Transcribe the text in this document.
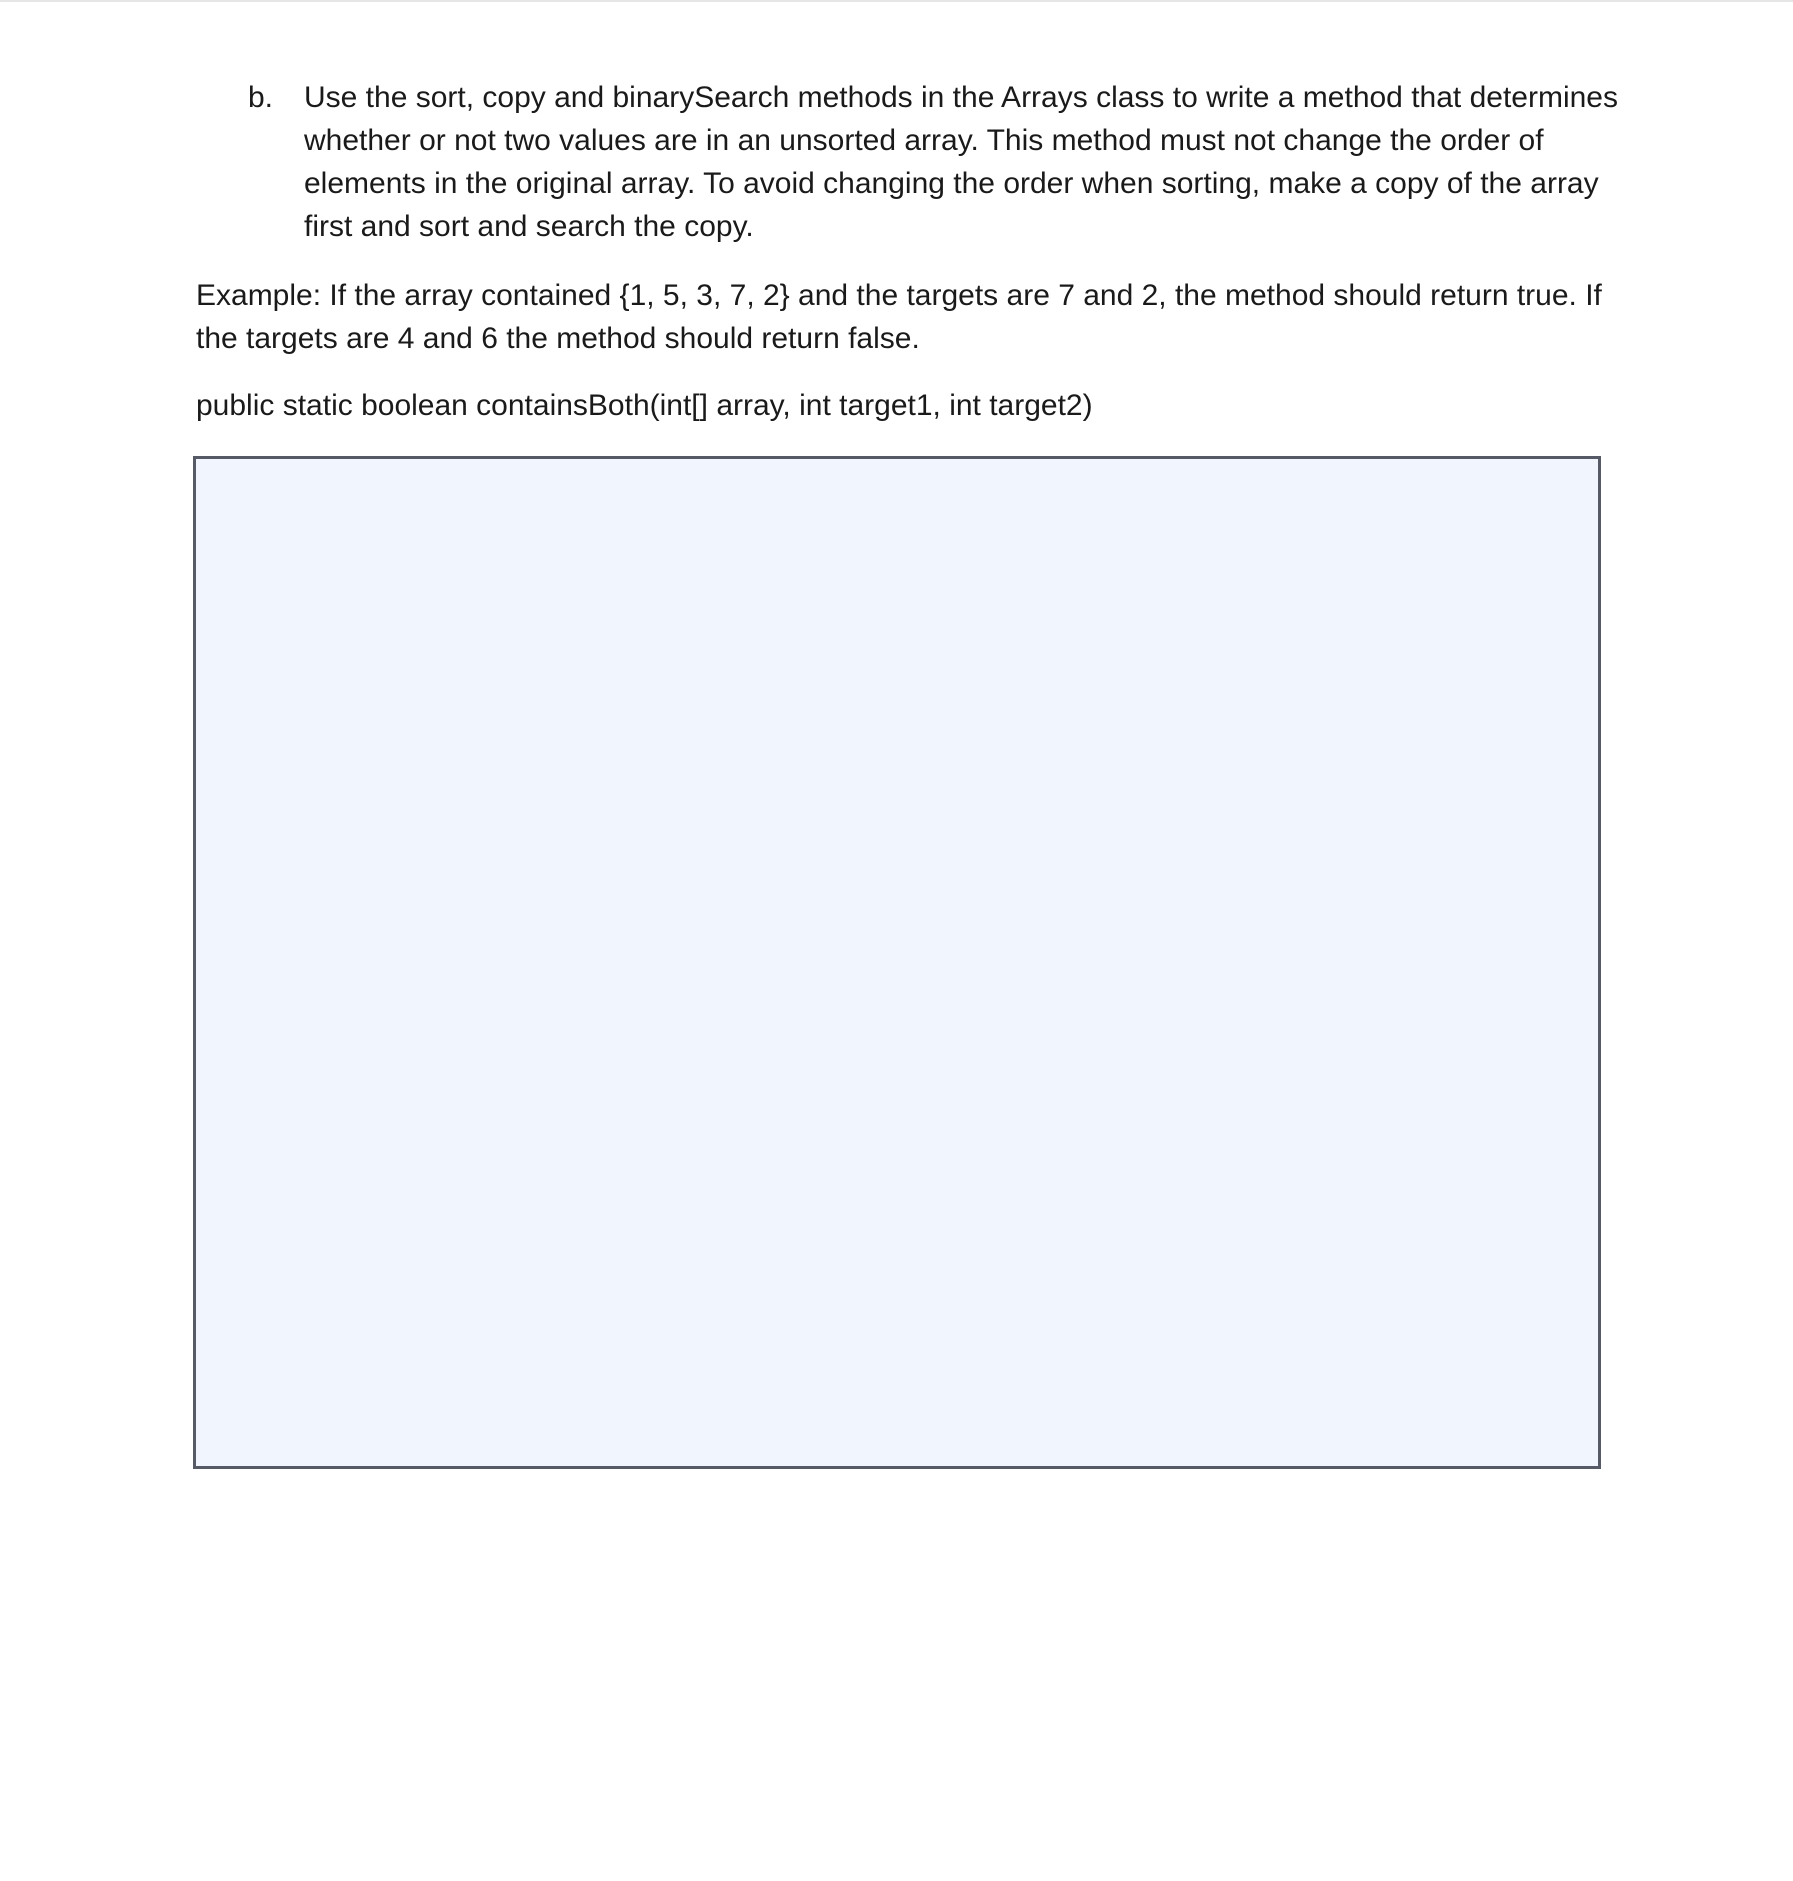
b. Use the sort, copy and binarySearch methods in the Arrays class to write a method that determines whether or not two values are in an unsorted array. This method must not change the order of elements in the original array. To avoid changing the order when sorting, make a copy of the array first and sort and search the copy.
Example: If the array contained {1, 5, 3, 7, 2} and the targets are 7 and 2, the method should return true. If the targets are 4 and 6 the method should return false.
public static boolean containsBoth(int[] array, int target1, int target2)
